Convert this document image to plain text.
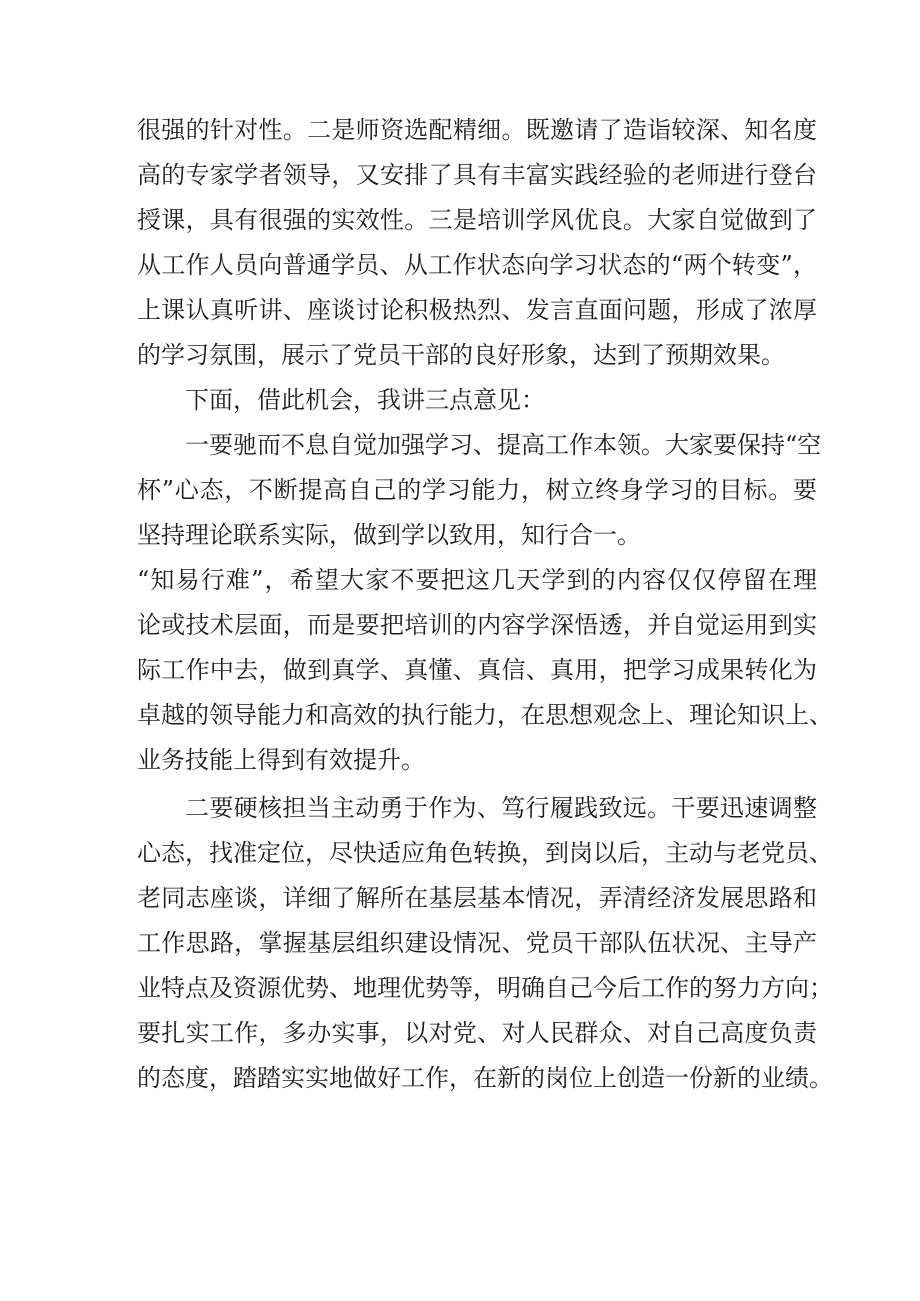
很强的针对性。二是师资选配精细。既邀请了造诣较深、知名度
高的专家学者领导，又安排了具有丰富实践经验的老师进行登台
授课，具有很强的实效性。三是培训学风优良。大家自觉做到了
从工作人员向普通学员、从工作状态向学习状态的“两个转变”，
上课认真听讲、座谈讨论积极热烈、发言直面问题，形成了浓厚
的学习氛围，展示了党员干部的良好形象，达到了预期效果。
下面，借此机会，我讲三点意见：
一要驰而不息自觉加强学习、提高工作本领。大家要保持“空
杯”心态，不断提高自己的学习能力，树立终身学习的目标。要
坚持理论联系实际，做到学以致用，知行合一。
“知易行难”，希望大家不要把这几天学到的内容仅仅停留在理
论或技术层面，而是要把培训的内容学深悟透，并自觉运用到实
际工作中去，做到真学、真懂、真信、真用，把学习成果转化为
卓越的领导能力和高效的执行能力，在思想观念上、理论知识上、
业务技能上得到有效提升。
二要硬核担当主动勇于作为、笃行履践致远。干要迅速调整
心态，找准定位，尽快适应角色转换，到岗以后，主动与老党员、
老同志座谈，详细了解所在基层基本情况，弄清经济发展思路和
工作思路，掌握基层组织建设情况、党员干部队伍状况、主导产
业特点及资源优势、地理优势等，明确自己今后工作的努力方向；
要扎实工作，多办实事，以对党、对人民群众、对自己高度负责
的态度，踏踏实实地做好工作，在新的岗位上创造一份新的业绩。
